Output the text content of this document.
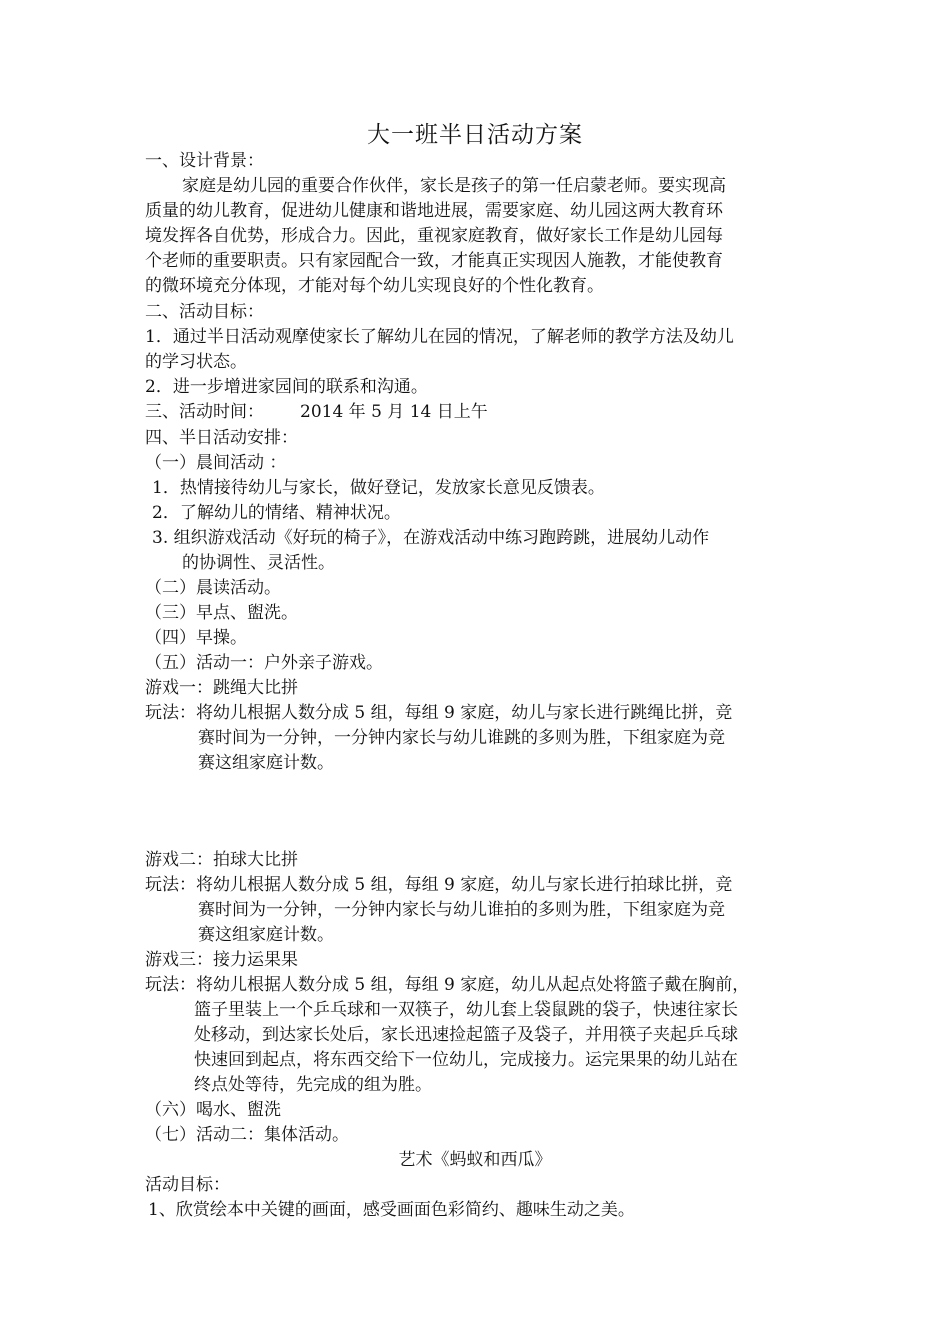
大一班半日活动方案
一、设计背景：
家庭是幼儿园的重要合作伙伴，家长是孩子的第一任启蒙老师。要实现高
质量的幼儿教育，促进幼儿健康和谐地进展，需要家庭、幼儿园这两大教育环
境发挥各自优势，形成合力。因此，重视家庭教育，做好家长工作是幼儿园每
个老师的重要职责。只有家园配合一致，才能真正实现因人施教，才能使教育
的微环境充分体现，才能对每个幼儿实现良好的个性化教育。
二、活动目标：
1．通过半日活动观摩使家长了解幼儿在园的情况，了解老师的教学方法及幼儿
的学习状态。
2．进一步增进家园间的联系和沟通。
三、活动时间： 2014 年 5 月 14 日上午
四、半日活动安排：
（一）晨间活动 ：
1．热情接待幼儿与家长，做好登记，发放家长意见反馈表。
2．了解幼儿的情绪、精神状况。
3. 组织游戏活动《好玩的椅子》，在游戏活动中练习跑跨跳，进展幼儿动作
的协调性、灵活性。
（二）晨读活动。
（三）早点、盥洗。
（四）早操。
（五）活动一：户外亲子游戏。
游戏一：跳绳大比拼
玩法：将幼儿根据人数分成 5 组，每组 9 家庭，幼儿与家长进行跳绳比拼，竞
赛时间为一分钟，一分钟内家长与幼儿谁跳的多则为胜，下组家庭为竞
赛这组家庭计数。
游戏二：拍球大比拼
玩法：将幼儿根据人数分成 5 组，每组 9 家庭，幼儿与家长进行拍球比拼，竞
赛时间为一分钟，一分钟内家长与幼儿谁拍的多则为胜，下组家庭为竞
赛这组家庭计数。
游戏三：接力运果果
玩法：将幼儿根据人数分成 5 组，每组 9 家庭，幼儿从起点处将篮子戴在胸前，
篮子里装上一个乒乓球和一双筷子，幼儿套上袋鼠跳的袋子，快速往家长
处移动，到达家长处后，家长迅速捡起篮子及袋子，并用筷子夹起乒乓球
快速回到起点，将东西交给下一位幼儿，完成接力。运完果果的幼儿站在
终点处等待，先完成的组为胜。
（六）喝水、盥洗
（七）活动二：集体活动。
艺术《蚂蚁和西瓜》
活动目标：
1、欣赏绘本中关键的画面，感受画面色彩简约、趣味生动之美。
